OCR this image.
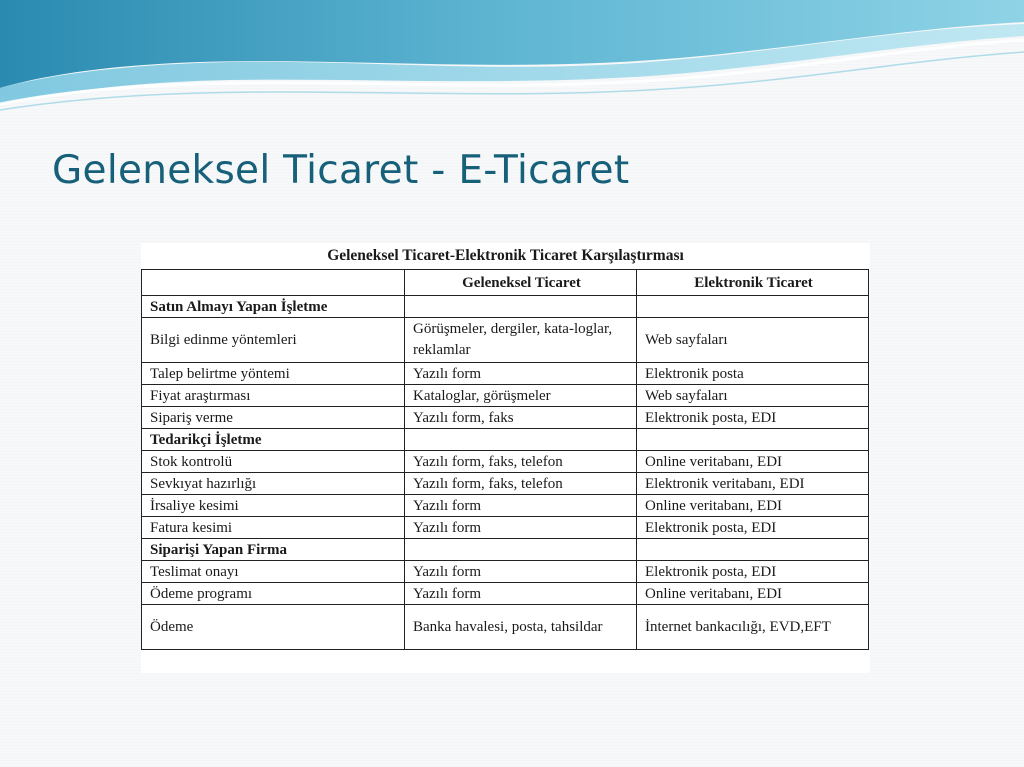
Geleneksel Ticaret - E-Ticaret
Geleneksel Ticaret-Elektronik Ticaret Karşılaştırması
	Geleneksel Ticaret	Elektronik Ticaret
Satın Almayı Yapan İşletme		
Bilgi edinme yöntemleri	Görüşmeler, dergiler, kata-loglar, reklamlar	Web sayfaları
Talep belirtme yöntemi	Yazılı form	Elektronik posta
Fiyat araştırması	Kataloglar, görüşmeler	Web sayfaları
Sipariş verme	Yazılı form, faks	Elektronik posta, EDI
Tedarikçi İşletme		
Stok kontrolü	Yazılı form, faks, telefon	Online veritabanı, EDI
Sevkıyat hazırlığı	Yazılı form, faks, telefon	Elektronik veritabanı, EDI
İrsaliye kesimi	Yazılı form	Online veritabanı, EDI
Fatura kesimi	Yazılı form	Elektronik posta, EDI
Siparişi Yapan Firma		
Teslimat onayı	Yazılı form	Elektronik posta, EDI
Ödeme programı	Yazılı form	Online veritabanı, EDI
Ödeme	Banka havalesi, posta, tahsildar	İnternet bankacılığı, EVD,EFT
